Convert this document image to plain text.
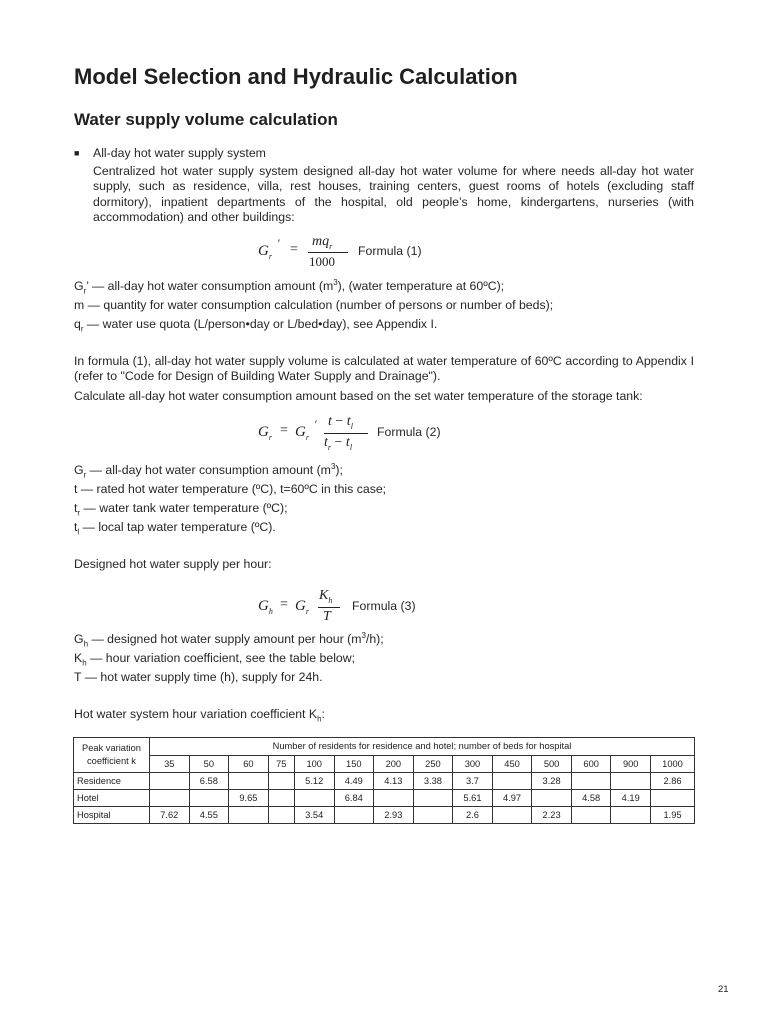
Model Selection and Hydraulic Calculation
Water supply volume calculation
■ All-day hot water supply system

Centralized hot water supply system designed all-day hot water volume for where needs all-day hot water supply, such as residence, villa, rest houses, training centers, guest rooms of hotels (excluding staff dormitory), inpatient departments of the hospital, old people’s home, kindergartens, nurseries (with accommodation) and other buildings:

$G_r$
′ =
$mq_r$
1000
Formula (1)

$G_r$’ — all-day hot water consumption amount $(m^3)$, (water temperature at 60ºC);

m — quantity for water consumption calculation (number of persons or number of beds);

$q_r$ — water use quota (L/person•day or L/bed•day), see Appendix I.

In formula (1), all-day hot water supply volume is calculated at water temperature of 60ºC according to Appendix I (refer to "Code for Design of Building Water Supply and Drainage").

Calculate all-day hot water consumption amount based on the set water temperature of the storage tank:

$G_r = G_r$
′ $t - t_l$
$t_r - t_l$
Formula (2)

$G_r$ — all-day hot water consumption amount $(m^3)$;

t — rated hot water temperature (ºC), t=60ºC in this case;

$t_r$ — water tank water temperature (ºC);

$t_l$ — local tap water temperature (ºC).

Designed hot water supply per hour:

$G_h = G_r$
$K_h$
T
Formula (3)

$G_h$ — designed hot water supply amount per hour $(m^3/h)$;

$K_h$ — hour variation coefficient, see the table below;

T — hot water supply time (h), supply for 24h.

Hot water system hour variation coefficient $K_h$:

Peak variation
coefficient k	Number of residents for residence and hotel; number of beds for hospital													
	35	50	60	75	100	150	200	250	300	450	500	600	900	1000
Residence		6.58			5.12	4.49	4.13	3.38	3.7		3.28			2.86
Hotel			9.65			6.84			5.61	4.97		4.58	4.19	
Hospital	7.62	4.55			3.54		2.93		2.6		2.23			1.95
21
